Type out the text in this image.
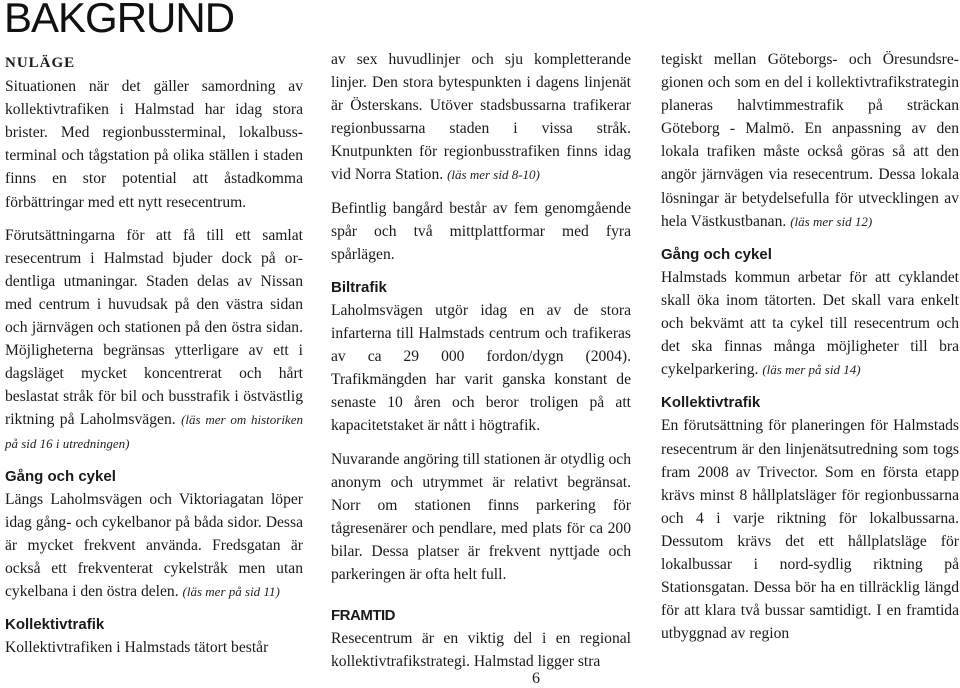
BAKGRUND

NULÄGE

Situationen när det gäller samordning av kollektivtrafiken i Halmstad har idag stora brister. Med regionbussterminal, lokalbussterminal och tågstation på olika ställen i staden finns en stor potential att åstadkomma förbättringar med ett nytt resecentrum.

Förutsättningarna för att få till ett samlat resecentrum i Halmstad bjuder dock på ordentliga utmaningar. Staden delas av Nissan med centrum i huvudsak på den västra sidan och järnvägen och stationen på den östra sidan. Möjligheterna begränsas ytterligare av ett i dagsläget mycket koncentrerat och hårt beslastat stråk för bil och busstrafik i östvästlig riktning på Laholmsvägen. (läs mer om historiken på sid 16 i utredningen)

Gång och cykel

Längs Laholmsvägen och Viktoriagatan löper idag gång- och cykelbanor på båda sidor. Dessa är mycket frekvent använda. Fredsgatan är också ett frekventerat cykelstråk men utan cykelbana i den östra delen. (läs mer på sid 11)

Kollektivtrafik

Kollektivtrafiken i Halmstads tätort består

av sex huvudlinjer och sju kompletterande linjer. Den stora bytespunkten i dagens linjenät är Österskans. Utöver stadsbussarna trafikerar regionbussarna staden i vissa stråk. Knutpunkten för regionbusstrafiken finns idag vid Norra Station. (läs mer sid 8-10)

Befintlig bangård består av fem genomgående spår och två mittplattformar med fyra spårlägen.

Biltrafik

Laholmsvägen utgör idag en av de stora infarterna till Halmstads centrum och trafikeras av ca 29 000 fordon/dygn (2004). Trafikmängden har varit ganska konstant de senaste 10 åren och beror troligen på att kapacitetstaket är nått i högtrafik.

Nuvarande angöring till stationen är otydlig och anonym och utrymmet är relativt begränsat. Norr om stationen finns parkering för tågresenärer och pendlare, med plats för ca 200 bilar. Dessa platser är frekvent nyttjade och parkeringen är ofta helt full.

FRAMTID

Resecentrum är en viktig del i en regional kollektivtrafikstrategi. Halmstad ligger stra

tegiskt mellan Göteborgs- och Öresundsregionen och som en del i kollektivtrafikstrategin planeras halvtimmestrafik på sträckan Göteborg - Malmö. En anpassning av den lokala trafiken måste också göras så att den angör järnvägen via resecentrum. Dessa lokala lösningar är betydelsefulla för utvecklingen av hela Västkustbanan. (läs mer sid 12)

Gång och cykel

Halmstads kommun arbetar för att cyklandet skall öka inom tätorten. Det skall vara enkelt och bekvämt att ta cykel till resecentrum och det ska finnas många möjligheter till bra cykelparkering. (läs mer på sid 14)

Kollektivtrafik

En förutsättning för planeringen för Halmstads resecentrum är den linjenätsutredning som togs fram 2008 av Trivector. Som en första etapp krävs minst 8 hållplatsläger för regionbussarna och 4 i varje riktning för lokalbussarna. Dessutom krävs det ett hållplatsläge för lokalbussar i nord-sydlig riktning på Stationsgatan. Dessa bör ha en tillräcklig längd för att klara två bussar samtidigt. I en framtida utbyggnad av region

6
